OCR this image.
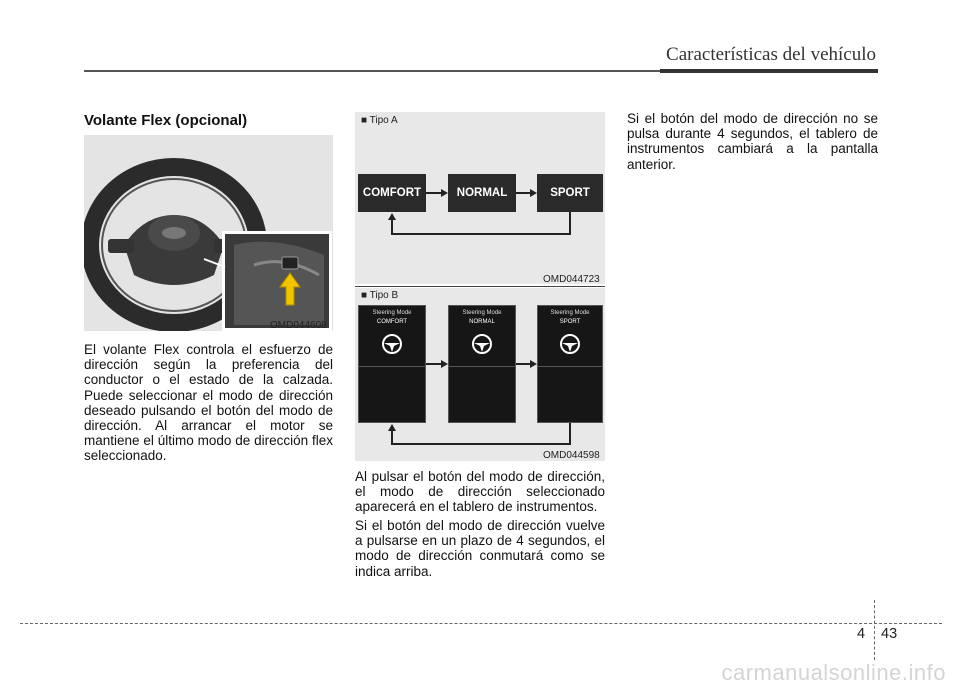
Características del vehículo
Volante Flex (opcional)
OMD044608

El volante Flex controla el esfuerzo de dirección según la preferencia del conductor o el estado de la calzada. Puede seleccionar el modo de dirección deseado pulsando el botón del modo de dirección. Al arrancar el motor se mantiene el último modo de dirección flex seleccionado.

■ Tipo A
COMFORT	NORMAL	SPORT
OMD044723
■ Tipo B
Steering Mode
COMFORT
Steering Mode
NORMAL
Steering Mode
SPORT
OMD044598

Al pulsar el botón del modo de dirección, el modo de dirección seleccionado aparecerá en el tablero de instrumentos.

Si el botón del modo de dirección vuelve a pulsarse en un plazo de 4 segundos, el modo de dirección conmutará como se indica arriba.

Si el botón del modo de dirección no se pulsa durante 4 segundos, el tablero de instrumentos cambiará a la pantalla anterior.

4 43
carmanualsonline.info
